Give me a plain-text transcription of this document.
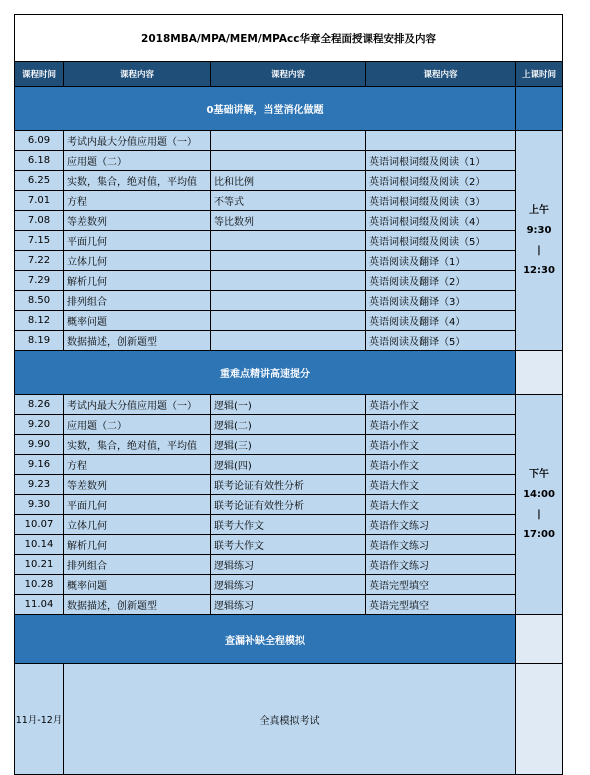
2018MBA/MPA/MEM/MPAcc华章全程面授课程安排及内容				
课程时间	课程内容	课程内容	课程内容	上课时间
0基础讲解，当堂消化做题				
6.09	考试内最大分值应用题（一）			上午
9:30
|
12:30

6.18	应用题（二）		英语词根词缀及阅读（1）	
6.25	实数，集合，绝对值，平均值	比和比例	英语词根词缀及阅读（2）	
7.01	方程	不等式	英语词根词缀及阅读（3）	
7.08	等差数列	等比数列	英语词根词缀及阅读（4）	
7.15	平面几何		英语词根词缀及阅读（5）	
7.22	立体几何		英语阅读及翻译（1）	
7.29	解析几何		英语阅读及翻译（2）	
8.50	排列组合		英语阅读及翻译（3）	
8.12	概率问题		英语阅读及翻译（4）	
8.19	数据描述，创新题型		英语阅读及翻译（5）	
重难点精讲高速提分				
8.26	考试内最大分值应用题（一）	逻辑(一)	英语小作文	下午
14:00
|
17:00

9.20	应用题（二）	逻辑(二)	英语小作文	
9.90	实数，集合，绝对值，平均值	逻辑(三)	英语小作文	
9.16	方程	逻辑(四)	英语小作文	
9.23	等差数列	联考论证有效性分析	英语大作文	
9.30	平面几何	联考论证有效性分析	英语大作文	
10.07	立体几何	联考大作文	英语作文练习	
10.14	解析几何	联考大作文	英语作文练习	
10.21	排列组合	逻辑练习	英语作文练习	
10.28	概率问题	逻辑练习	英语完型填空	
11.04	数据描述，创新题型	逻辑练习	英语完型填空	
查漏补缺全程模拟				
11月-12月	全真模拟考试			
